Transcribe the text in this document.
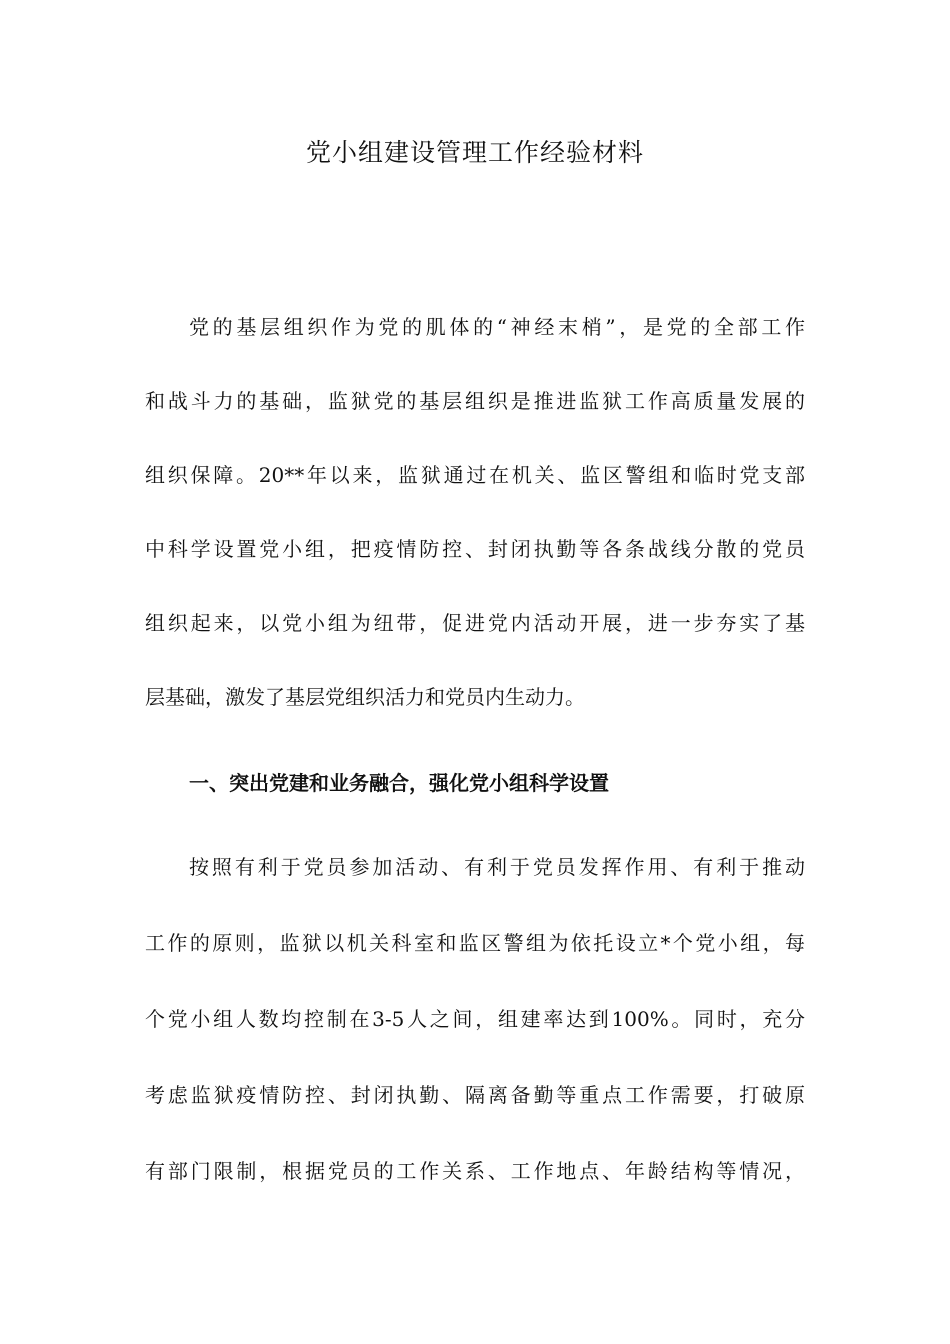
党小组建设管理工作经验材料
党的基层组织作为党的肌体的“神经末梢”，是党的全部工作
和战斗力的基础，监狱党的基层组织是推进监狱工作高质量发展的
组织保障。20**年以来，监狱通过在机关、监区警组和临时党支部
中科学设置党小组，把疫情防控、封闭执勤等各条战线分散的党员
组织起来，以党小组为纽带，促进党内活动开展，进一步夯实了基
层基础，激发了基层党组织活力和党员内生动力。
一、突出党建和业务融合，强化党小组科学设置
按照有利于党员参加活动、有利于党员发挥作用、有利于推动
工作的原则，监狱以机关科室和监区警组为依托设立*个党小组，每
个党小组人数均控制在3-5人之间，组建率达到100%。同时，充分
考虑监狱疫情防控、封闭执勤、隔离备勤等重点工作需要，打破原
有部门限制，根据党员的工作关系、工作地点、年龄结构等情况，
